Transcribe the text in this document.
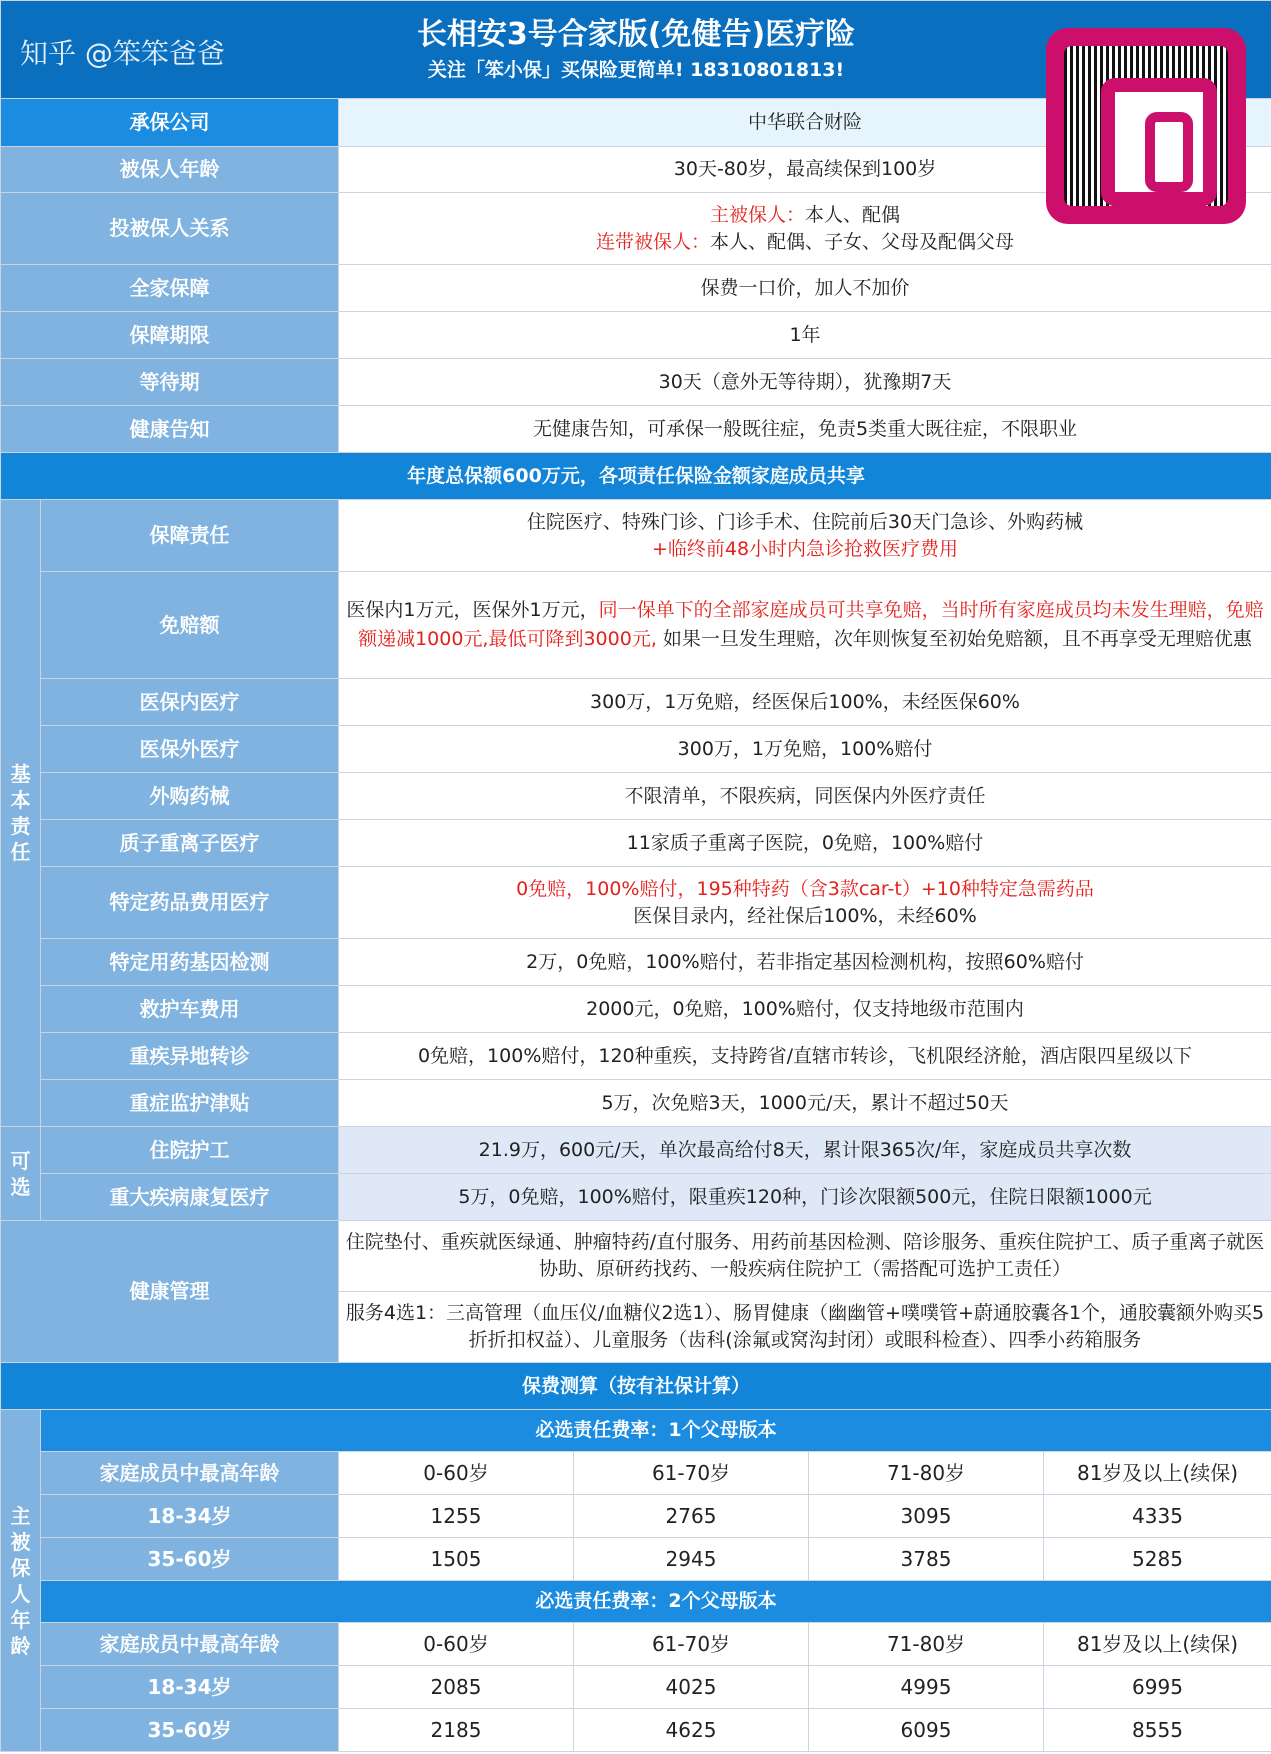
长相安3号合家版(免健告)医疗险
关注「笨小保」买保险更简单! 18310801813!					

承保公司		中华联合财险			
被保人年龄		30天-80岁，最高续保到100岁			
投被保人关系		主被保人：本人、配偶
连带被保人：本人、配偶、子女、父母及配偶父母			
全家保障		保费一口价，加人不加价			
保障期限		1年			
等待期		30天（意外无等待期），犹豫期7天			
健康告知		无健康告知，可承保一般既往症，免责5类重大既往症，不限职业			
年度总保额600万元，各项责任保险金额家庭成员共享					

基本责任	保障责任	住院医疗、特殊门诊、门诊手术、住院前后30天门急诊、外购药械
+临终前48小时内急诊抢救医疗费用			
	免赔额	医保内1万元，医保外1万元，同一保单下的全部家庭成员可共享免赔，当时所有家庭成员均未发生理赔，免赔额递减1000元,最低可降到3000元, 如果一旦发生理赔，次年则恢复至初始免赔额，且不再享受无理赔优惠			
	医保内医疗	300万，1万免赔，经医保后100%，未经医保60%			
	医保外医疗	300万，1万免赔，100%赔付			
	外购药械	不限清单，不限疾病，同医保内外医疗责任			
	质子重离子医疗	11家质子重离子医院，0免赔，100%赔付			
	特定药品费用医疗	0免赔，100%赔付，195种特药（含3款car-t）+10种特定急需药品
医保目录内，经社保后100%，未经60%			
	特定用药基因检测	2万，0免赔，100%赔付，若非指定基因检测机构，按照60%赔付			
	救护车费用	2000元，0免赔，100%赔付，仅支持地级市范围内			
	重疾异地转诊	0免赔，100%赔付，120种重疾，支持跨省/直辖市转诊，飞机限经济舱，酒店限四星级以下			
	重症监护津贴	5万，次免赔3天，1000元/天，累计不超过50天			

可选	住院护工	21.9万，600元/天，单次最高给付8天，累计限365次/年，家庭成员共享次数			
	重大疾病康复医疗	5万，0免赔，100%赔付，限重疾120种，门诊次限额500元，住院日限额1000元			
健康管理		住院垫付、重疾就医绿通、肿瘤特药/直付服务、用药前基因检测、陪诊服务、重疾住院护工、质子重离子就医协助、原研药找药、一般疾病住院护工（需搭配可选护工责任）			
		服务4选1：三高管理（血压仪/血糖仪2选1）、肠胃健康（幽幽管+噗噗管+蔚通胶囊各1个，通胶囊额外购买5折折扣权益）、儿童服务（齿科(涂氟或窝沟封闭）或眼科检查）、四季小药箱服务			
保费测算（按有社保计算）					

主被保人年龄	必选责任费率：1个父母版本				
	家庭成员中最高年龄	0-60岁	61-70岁	71-80岁	81岁及以上(续保)
	18-34岁	1255	2765	3095	4335
	35-60岁	1505	2945	3785	5285
	必选责任费率：2个父母版本				
	家庭成员中最高年龄	0-60岁	61-70岁	71-80岁	81岁及以上(续保)
	18-34岁	2085	4025	4995	6995
	35-60岁	2185	4625	6095	8555
知乎 @笨笨爸爸
